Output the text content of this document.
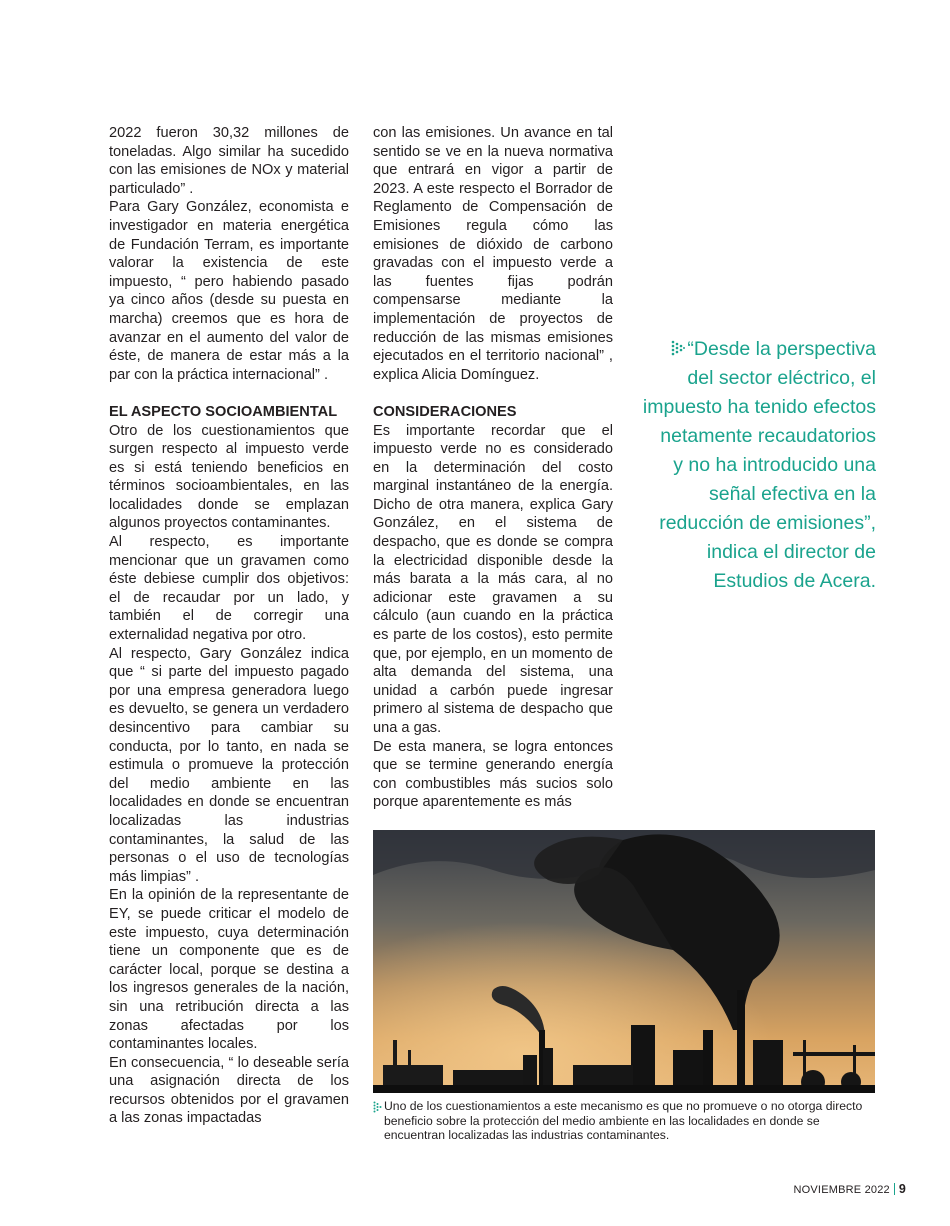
2022 fueron 30,32 millones de toneladas. Algo similar ha sucedido con las emisiones de NOx y material particulado” .

Para Gary González, economista e investigador en materia energética de Fundación Terram, es importante valorar la existencia de este impuesto, “ pero habiendo pasado ya cinco años (desde su puesta en marcha) creemos que es hora de avanzar en el aumento del valor de éste, de manera de estar más a la par con la práctica internacional” .

EL ASPECTO SOCIOAMBIENTAL

Otro de los cuestionamientos que surgen respecto al impuesto verde es si está teniendo beneficios en términos socioambientales, en las localidades donde se emplazan algunos proyectos contaminantes.

Al respecto, es importante mencionar que un gravamen como éste debiese cumplir dos objetivos: el de recaudar por un lado, y también el de corregir una externalidad negativa por otro.

Al respecto, Gary González indica que “ si parte del impuesto pagado por una empresa generadora luego es devuelto, se genera un verdadero desincentivo para cambiar su conducta, por lo tanto, en nada se estimula o promueve la protección del medio ambiente en las localidades en donde se encuentran localizadas las industrias contaminantes, la salud de las personas o el uso de tecnologías más limpias” .

En la opinión de la representante de EY, se puede criticar el modelo de este impuesto, cuya determinación tiene un componente que es de carácter local, porque se destina a los ingresos generales de la nación, sin una retribución directa a las zonas afectadas por los contaminantes locales.

En consecuencia, “ lo deseable sería una asignación directa de los recursos obtenidos por el gravamen a las zonas impactadas

con las emisiones. Un avance en tal sentido se ve en la nueva normativa que entrará en vigor a partir de 2023. A este respecto el Borrador de Reglamento de Compensación de Emisiones regula cómo las emisiones de dióxido de carbono gravadas con el impuesto verde a las fuentes fijas podrán compensarse mediante la implementación de proyectos de reducción de las mismas emisiones ejecutados en el territorio nacional” , explica Alicia Domínguez.

CONSIDERACIONES

Es importante recordar que el impuesto verde no es considerado en la determinación del costo marginal instantáneo de la energía. Dicho de otra manera, explica Gary González, en el sistema de despacho, que es donde se compra la electricidad disponible desde la más barata a la más cara, al no adicionar este gravamen a su cálculo (aun cuando en la práctica es parte de los costos), esto permite que, por ejemplo, en un momento de alta demanda del sistema, una unidad a carbón puede ingresar primero al sistema de despacho que una a gas.

De esta manera, se logra entonces que se termine generando energía con combustibles más sucios solo porque aparentemente es más

“Desde la perspectiva
del sector eléctrico, el
impuesto ha tenido efectos
netamente recaudatorios
y no ha introducido una
señal efectiva en la
reducción de emisiones”,
indica el director de
Estudios de Acera.
Uno de los cuestionamientos a este mecanismo es que no promueve o no otorga directo beneficio sobre la protección del medio ambiente en las localidades en donde se encuentran localizadas las industrias contaminantes.
NOVIEMBRE 2022 9
